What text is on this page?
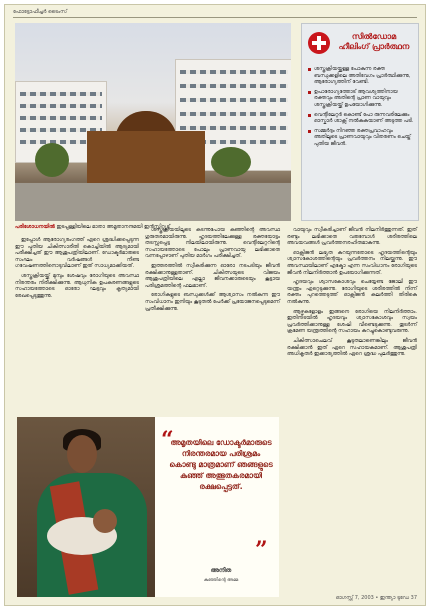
ഫോട്ടോഫീച്ചർ ടൈംസ്
പരിശോധനയിൽ ഇടപ്പള്ളിയിലെ മാതാ അമൃതാനന്ദമയി ഇൻസ്റ്റിറ്റ്യൂട്ട്
സിൽഡോമ ഹീലിംഗ് പ്രാർത്ഥന
ശസ്ത്രക്രിയയ്ക്കുള്ള പോകുന്ന രക്ത ബന്ധുക്കളിലെ അതിവേഗം പ്രാർത്ഥിക്കുന്നു, ആരോഗ്യത്തിന് വേണ്ടി.
ഉപാരോഗ്യത്തോട് ആവശ്യത്തിനായ രക്തവും അതിന്റെ പ്രാണ വായുവും ശസ്ത്രക്രിയയ്ക്ക് ഉപയോഗിക്കുന്നു.
വെന്റിലേറ്റർ കൊണ്ട് പോ രുന്നവരിലേക്കും ഓസ്കാർ ശാക്സ് നൽകുകയാണ് അടുത്ത പടി.
സമ്മർദ്ദം നിറഞ്ഞ രക്തപ്രവാഹവും അതിലൂടെ പ്രാണവായുവും വിതരണം ചെയ്ത് പുതിയ ജീവൻ.

ഇപ്പോൾ ആരോഗ്യരംഗത്ത് ഏറെ ശ്രദ്ധിക്കപ്പെടുന്ന ഈ പുതിയ ചികിത്സാരീതി കൊച്ചിയിൽ ആദ്യമായി പരീക്ഷിച്ചത് ഈ ആശുപത്രിയിലാണ്. ഡോക്ടർമാരുടെ സംഘം വർഷങ്ങൾ നീണ്ട ഗവേഷണത്തിനൊടുവിലാണ് ഇത് സാധ്യമാക്കിയത്.

ശസ്ത്രക്രിയയ്ക്ക് മുമ്പും ശേഷവും രോഗിയുടെ അവസ്ഥ നിരന്തരം നിരീക്ഷിക്കുന്നു. ആധുനിക ഉപകരണങ്ങളുടെ സഹായത്തോടെ ഓരോ ഘട്ടവും കൃത്യമായി രേഖപ്പെടുത്തുന്നു.

ശസ്ത്രക്രിയയിലൂടെ കടന്നുപോയ കുഞ്ഞിന്റെ അവസ്ഥ ഗുരുതരമായിരുന്നു. ഹൃദയത്തിലേക്കുള്ള രക്തയോട്ടം തടസ്സപ്പെട്ട നിലയിലായിരുന്നു. വെന്റിലേറ്ററിന്റെ സഹായത്തോടെ പോലും പ്രാണവായു ലഭിക്കാതെ വന്നപ്പോഴാണ് പുതിയ മാർഗം പരീക്ഷിച്ചത്.

ഇത്തരത്തിൽ സ്വീകരിക്കുന്ന ഓരോ നടപടിയും ജീവൻ രക്ഷിക്കാനുള്ളതാണ്. ചികിത്സയുടെ വിജയം ആശുപത്രിയിലെ എല്ലാ ജീവനക്കാരുടെയും കൂട്ടായ പരിശ്രമത്തിന്റെ ഫലമാണ്.

രോഗികളുടെ ബന്ധുക്കൾക്ക് ആശ്വാസം നൽകുന്ന ഈ സംവിധാനം ഇനിയും കൂടുതൽ പേർക്ക് പ്രയോജനപ്പെടുമെന്ന് പ്രതീക്ഷിക്കുന്നു.

വായുവും സ്വീകരിച്ചാണ് ജീവൻ നിലനിർത്തുന്നത്. ഇത് രണ്ടും ലഭിക്കാതെ വരുമ്പോൾ ശരീരത്തിലെ അവയവങ്ങൾ പ്രവർത്തനരഹിതമാകുന്നു.

ഓക്സിജൻ ലഭ്യത കുറയുന്നതോടെ ഹൃദയത്തിന്റെയും ശ്വാസകോശത്തിന്റെയും പ്രവർത്തനം നിലയ്ക്കുന്നു. ഈ അവസ്ഥയിലാണ് എക്മോ എന്ന സംവിധാനം രോഗിയുടെ ജീവൻ നിലനിർത്താൻ ഉപയോഗിക്കുന്നത്.

ഹൃദയവും ശ്വാസകോശവും ചെയ്യേണ്ട ജോലി ഈ യന്ത്രം ഏറ്റെടുക്കുന്നു. രോഗിയുടെ ശരീരത്തിൽ നിന്ന് രക്തം പുറത്തെടുത്ത് ഓക്സിജൻ കലർത്തി തിരികെ നൽകുന്നു.

ആഴ്ചകളോളം ഇങ്ങനെ രോഗിയെ നിലനിർത്താം. ഇതിനിടയിൽ ഹൃദയവും ശ്വാസകോശവും സ്വയം പ്രവർത്തിക്കാനുള്ള ശേഷി വീണ്ടെടുക്കുന്നു. തുടർന്ന് ക്രമേണ യന്ത്രത്തിന്റെ സഹായം കുറച്ചുകൊണ്ടുവരുന്നു.

ചികിത്സാചെലവ് കൂടുതലാണെങ്കിലും ജീവൻ രക്ഷിക്കാൻ ഇത് ഏറെ സഹായകമാണ്. ആശുപത്രി അധികൃതർ ഇക്കാര്യത്തിൽ ഏറെ ശ്രദ്ധ പുലർത്തുന്നു.

“
അമൃതയിലെ ഡോക്ടർമാരുടെ നിരന്തരമായ പരിശ്രമം കൊണ്ടു മാത്രമാണ് ഞങ്ങളുടെ കുഞ്ഞ് അത്ഭുതകരമായി രക്ഷപ്പെട്ടത്.
”
അനിത
കുഞ്ഞിന്റെ അമ്മ
ഓഗസ്റ്റ് 7, 2003 • ഇന്ത്യാ ടുഡേ 37
